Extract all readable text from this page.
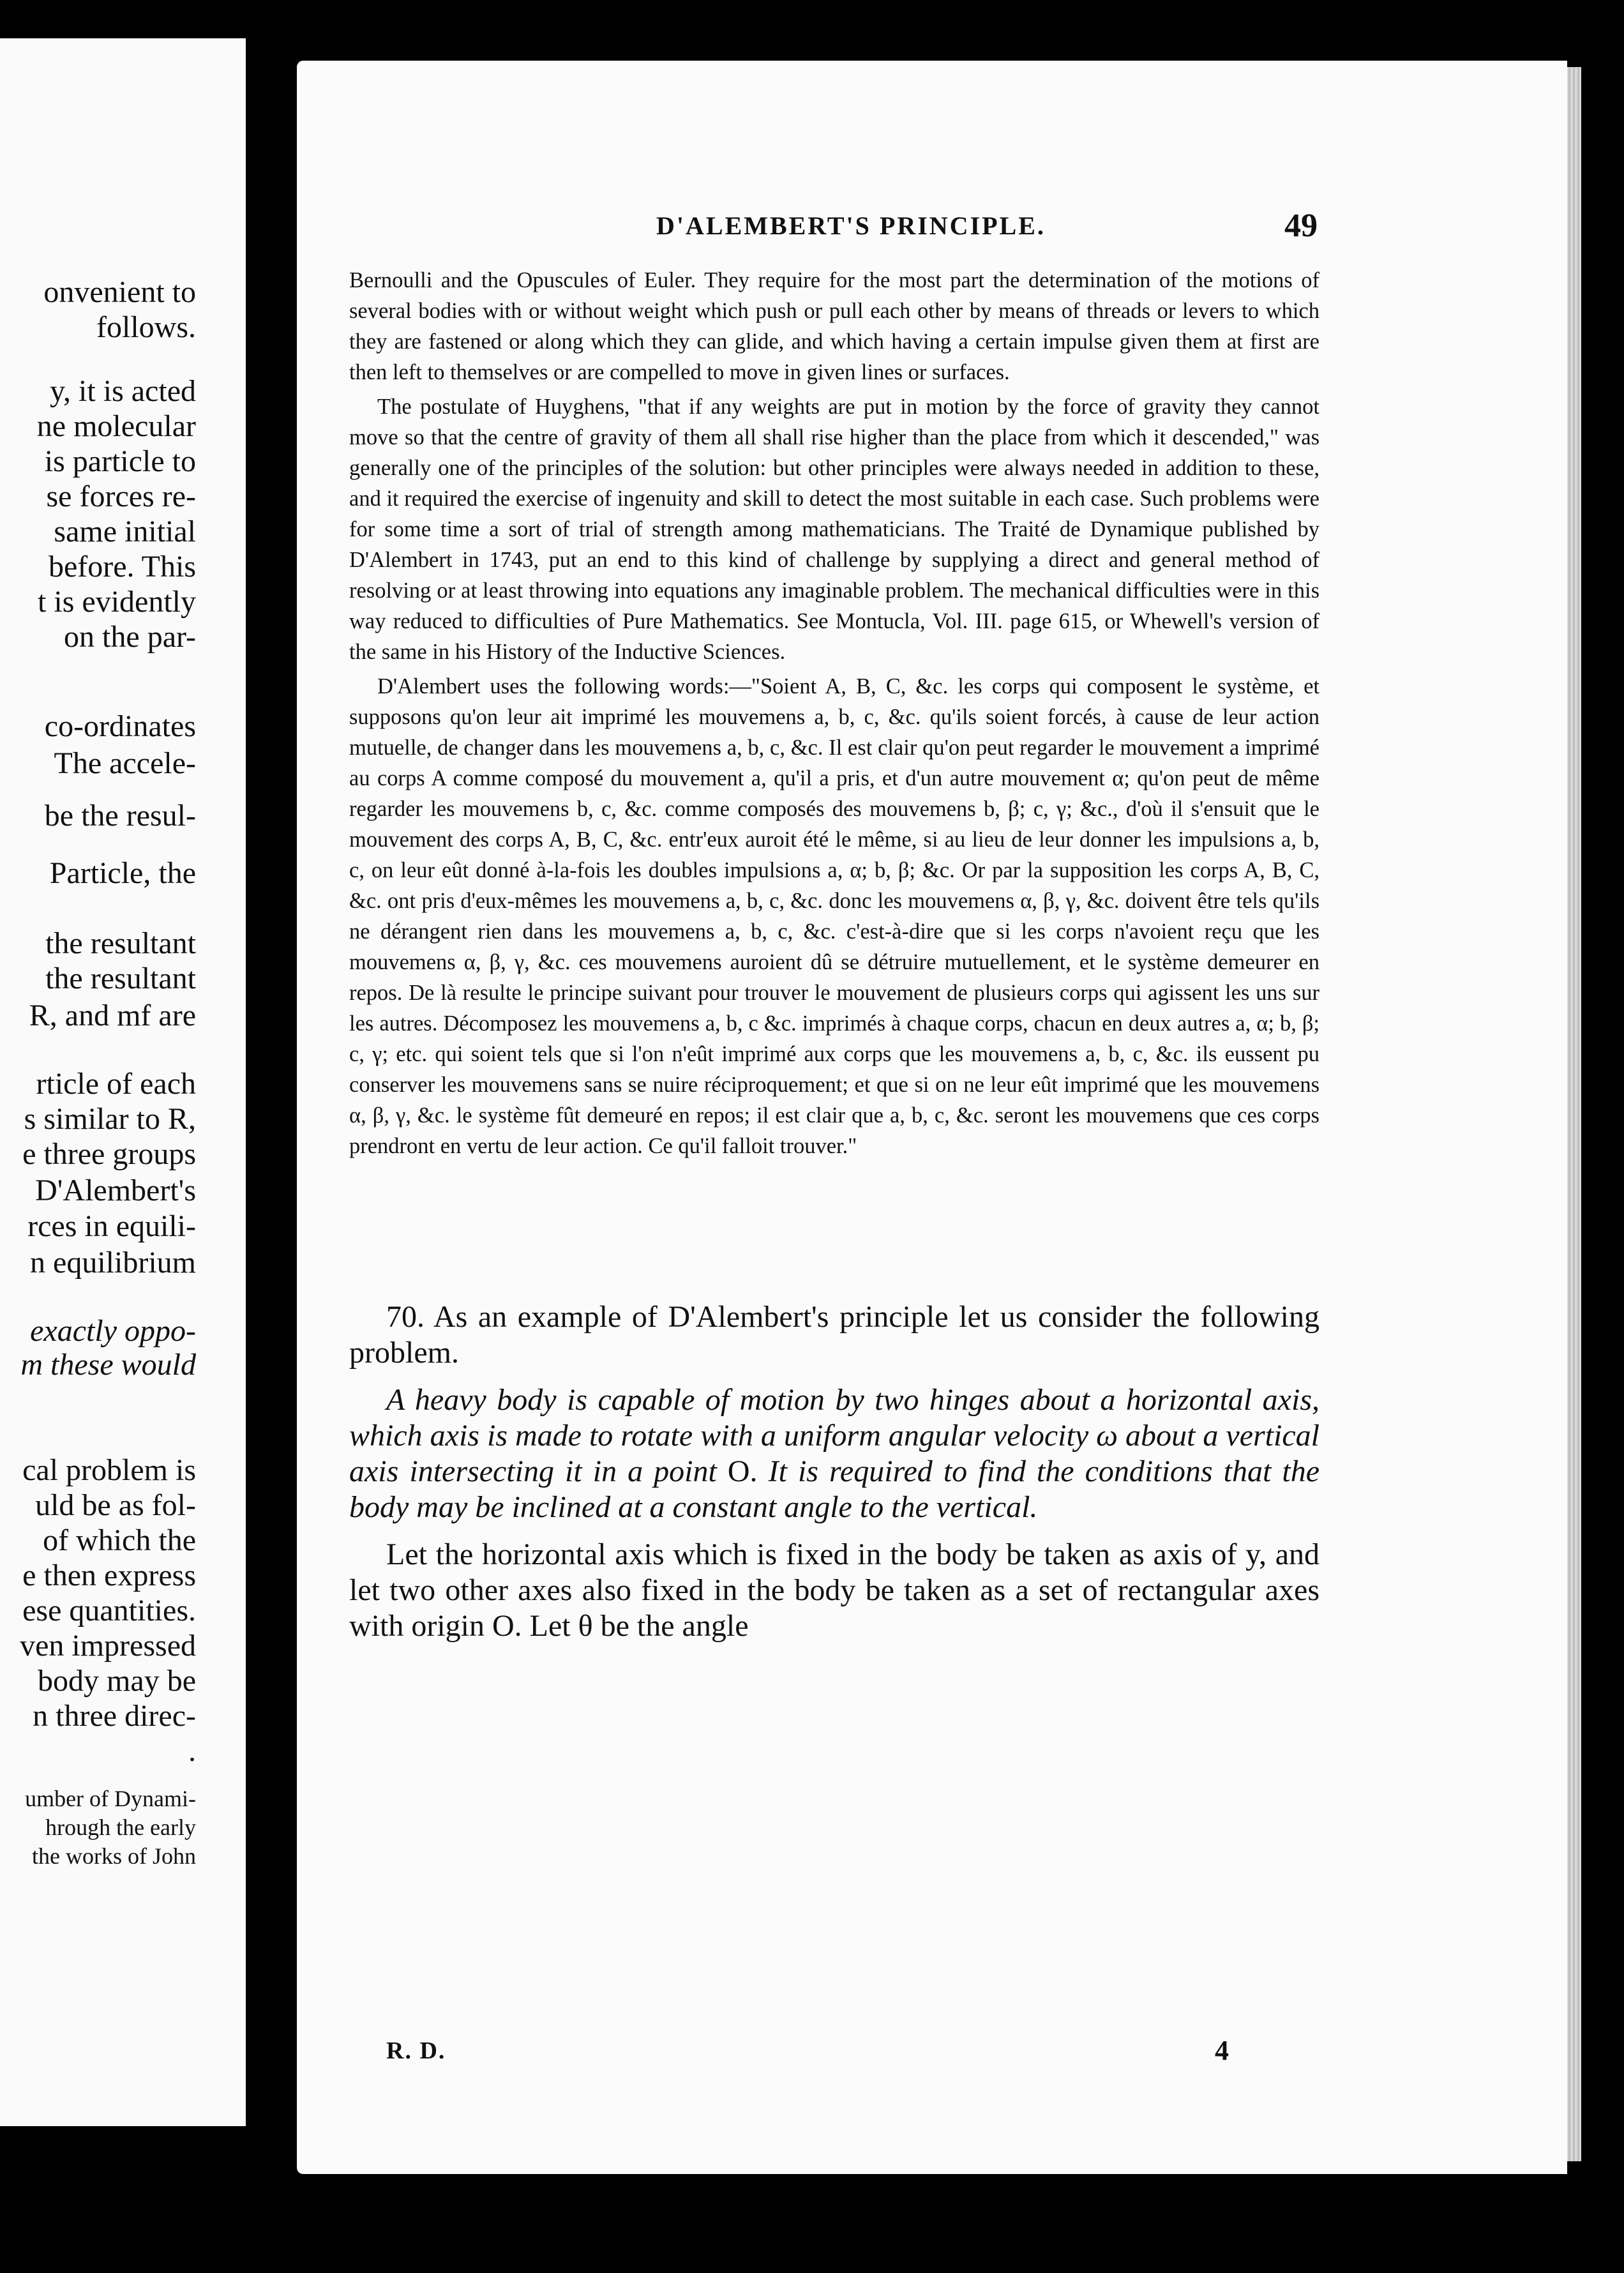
onvenient to
follows.
y, it is acted
ne molecular
is particle to
se forces re-
same initial
before. This
t is evidently
on the par-
co-ordinates
The accele-
be the resul-
Particle, the
the resultant
the resultant
R, and mf are
rticle of each
s similar to R,
e three groups
D'Alembert's
rces in equili-
n equilibrium
exactly oppo-
m these would
cal problem is
uld be as fol-
of which the
e then express
ese quantities.
ven impressed
body may be
n three direc-
.
umber of Dynami-
hrough the early
the works of John
D'ALEMBERT'S PRINCIPLE.	49

Bernoulli and the Opuscules of Euler. They require for the most part the determination of the motions of several bodies with or without weight which push or pull each other by means of threads or levers to which they are fastened or along which they can glide, and which having a certain impulse given them at first are then left to themselves or are compelled to move in given lines or surfaces.

The postulate of Huyghens, "that if any weights are put in motion by the force of gravity they cannot move so that the centre of gravity of them all shall rise higher than the place from which it descended," was generally one of the principles of the solution: but other principles were always needed in addition to these, and it required the exercise of ingenuity and skill to detect the most suitable in each case. Such problems were for some time a sort of trial of strength among mathematicians. The Traité de Dynamique published by D'Alembert in 1743, put an end to this kind of challenge by supplying a direct and general method of resolving or at least throwing into equations any imaginable problem. The mechanical difficulties were in this way reduced to difficulties of Pure Mathematics. See Montucla, Vol. III. page 615, or Whewell's version of the same in his History of the Inductive Sciences.

D'Alembert uses the following words:—"Soient A, B, C, &c. les corps qui composent le système, et supposons qu'on leur ait imprimé les mouvemens a, b, c, &c. qu'ils soient forcés, à cause de leur action mutuelle, de changer dans les mouvemens a, b, c, &c. Il est clair qu'on peut regarder le mouvement a imprimé au corps A comme composé du mouvement a, qu'il a pris, et d'un autre mouvement α; qu'on peut de même regarder les mouvemens b, c, &c. comme composés des mouvemens b, β; c, γ; &c., d'où il s'ensuit que le mouvement des corps A, B, C, &c. entr'eux auroit été le même, si au lieu de leur donner les impulsions a, b, c, on leur eût donné à-la-fois les doubles impulsions a, α; b, β; &c. Or par la supposition les corps A, B, C, &c. ont pris d'eux-mêmes les mouvemens a, b, c, &c. donc les mouvemens α, β, γ, &c. doivent être tels qu'ils ne dérangent rien dans les mouvemens a, b, c, &c. c'est-à-dire que si les corps n'avoient reçu que les mouvemens α, β, γ, &c. ces mouvemens auroient dû se détruire mutuellement, et le système demeurer en repos. De là resulte le principe suivant pour trouver le mouvement de plusieurs corps qui agissent les uns sur les autres. Décomposez les mouvemens a, b, c &c. imprimés à chaque corps, chacun en deux autres a, α; b, β; c, γ; etc. qui soient tels que si l'on n'eût imprimé aux corps que les mouvemens a, b, c, &c. ils eussent pu conserver les mouvemens sans se nuire réciproquement; et que si on ne leur eût imprimé que les mouvemens α, β, γ, &c. le système fût demeuré en repos; il est clair que a, b, c, &c. seront les mouvemens que ces corps prendront en vertu de leur action. Ce qu'il falloit trouver."

70. As an example of D'Alembert's principle let us consider the following problem.

A heavy body is capable of motion by two hinges about a horizontal axis, which axis is made to rotate with a uniform angular velocity ω about a vertical axis intersecting it in a point O. It is required to find the conditions that the body may be inclined at a constant angle to the vertical.

Let the horizontal axis which is fixed in the body be taken as axis of y, and let two other axes also fixed in the body be taken as a set of rectangular axes with origin O. Let θ be the angle

R. D.	4
